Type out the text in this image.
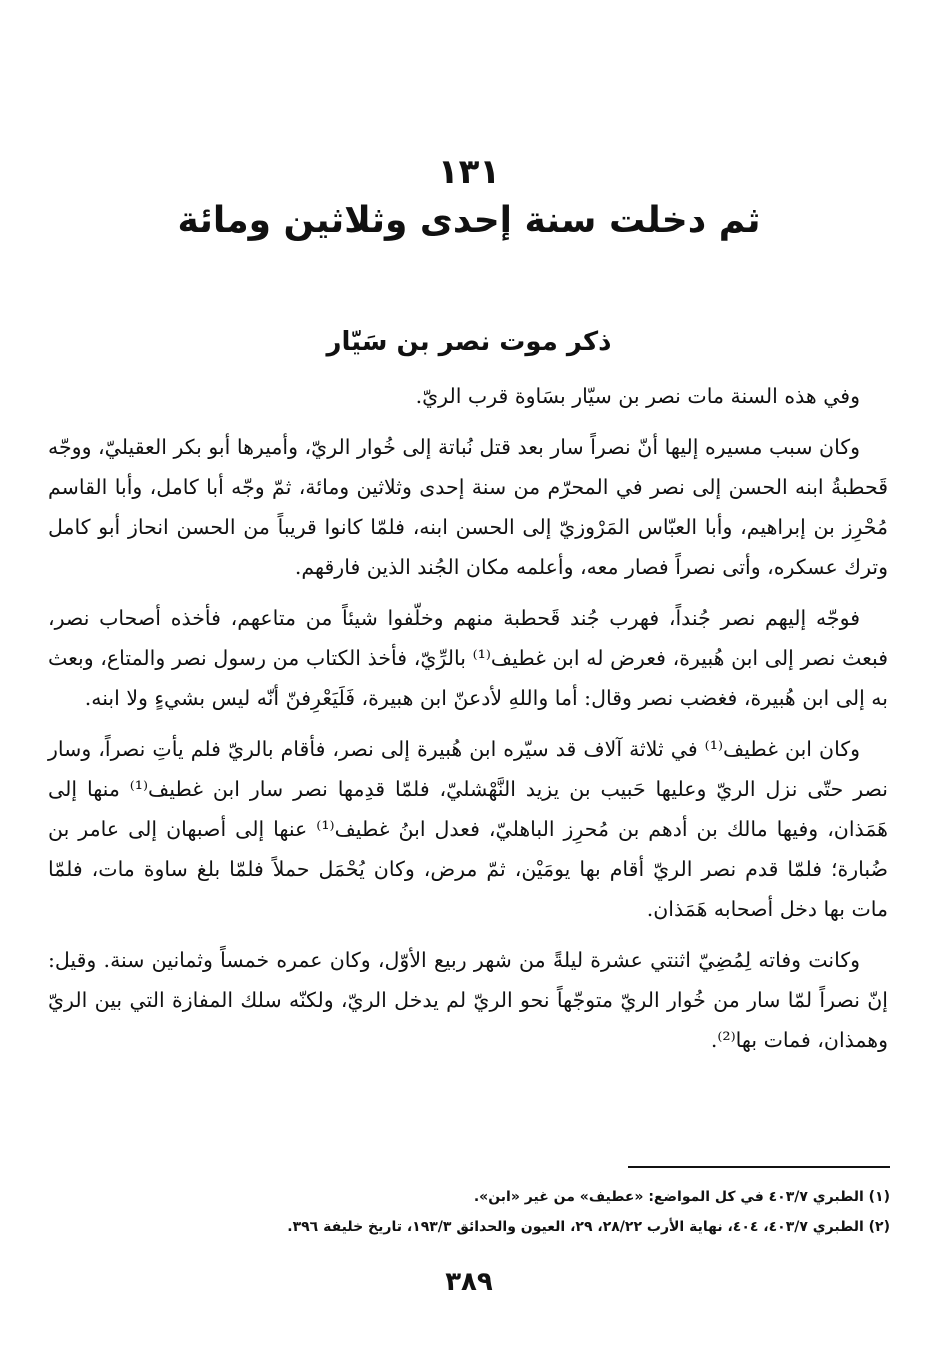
١٣١
ثم دخلت سنة إحدى وثلاثين ومائة
ذكر موت نصر بن سَيّار

وفي هذه السنة مات نصر بن سيّار بسَاوة قرب الريّ.

وكان سبب مسيره إليها أنّ نصراً سار بعد قتل نُباتة إلى خُوار الريّ، وأميرها أبو بكر العقيليّ، ووجّه قَحطبةُ ابنه الحسن إلى نصر في المحرّم من سنة إحدى وثلاثين ومائة، ثمّ وجّه أبا كامل، وأبا القاسم مُحْرِز بن إبراهيم، وأبا العبّاس المَرْوزيّ إلى الحسن ابنه، فلمّا كانوا قريباً من الحسن انحاز أبو كامل وترك عسكره، وأتى نصراً فصار معه، وأعلمه مكان الجُند الذين فارقهم.

فوجّه إليهم نصر جُنداً، فهرب جُند قَحطبة منهم وخلّفوا شيئاً من متاعهم، فأخذه أصحاب نصر، فبعث نصر إلى ابن هُبيرة، فعرض له ابن غطيف⁽¹⁾ بالرِّيّ، فأخذ الكتاب من رسول نصر والمتاع، وبعث به إلى ابن هُبيرة، فغضب نصر وقال: أما واللهِ لأدعنّ ابن هبيرة، فَلَيَعْرِفنّ أنّه ليس بشيءٍ ولا ابنه.

وكان ابن غطيف⁽¹⁾ في ثلاثة آلاف قد سيّره ابن هُبيرة إلى نصر، فأقام بالريّ فلم يأتِ نصراً، وسار نصر حتّى نزل الريّ وعليها حَبيب بن يزيد النَّهْشليّ، فلمّا قدِمها نصر سار ابن غطيف⁽¹⁾ منها إلى هَمَذان، وفيها مالك بن أدهم بن مُحرِز الباهليّ، فعدل ابنُ غطيف⁽¹⁾ عنها إلى أصبهان إلى عامر بن ضُبارة؛ فلمّا قدم نصر الريّ أقام بها يومَيْن، ثمّ مرض، وكان يُحْمَل حملاً فلمّا بلغ ساوة مات، فلمّا مات بها دخل أصحابه هَمَذان.

وكانت وفاته لِمُضِيّ اثنتي عشرة ليلةً من شهر ربيع الأوّل، وكان عمره خمساً وثمانين سنة. وقيل: إنّ نصراً لمّا سار من خُوار الريّ متوجّهاً نحو الريّ لم يدخل الريّ، ولكنّه سلك المفازة التي بين الريّ وهمذان، فمات بها⁽²⁾.

(١) الطبري ٤٠٣/٧ في كل المواضع: «عطيف» من غير «ابن».
(٢) الطبري ٤٠٣/٧، ٤٠٤، نهاية الأرب ٢٨/٢٢، ٢٩، العيون والحدائق ١٩٣/٣، تاريخ خليفة ٣٩٦.
٣٨٩
